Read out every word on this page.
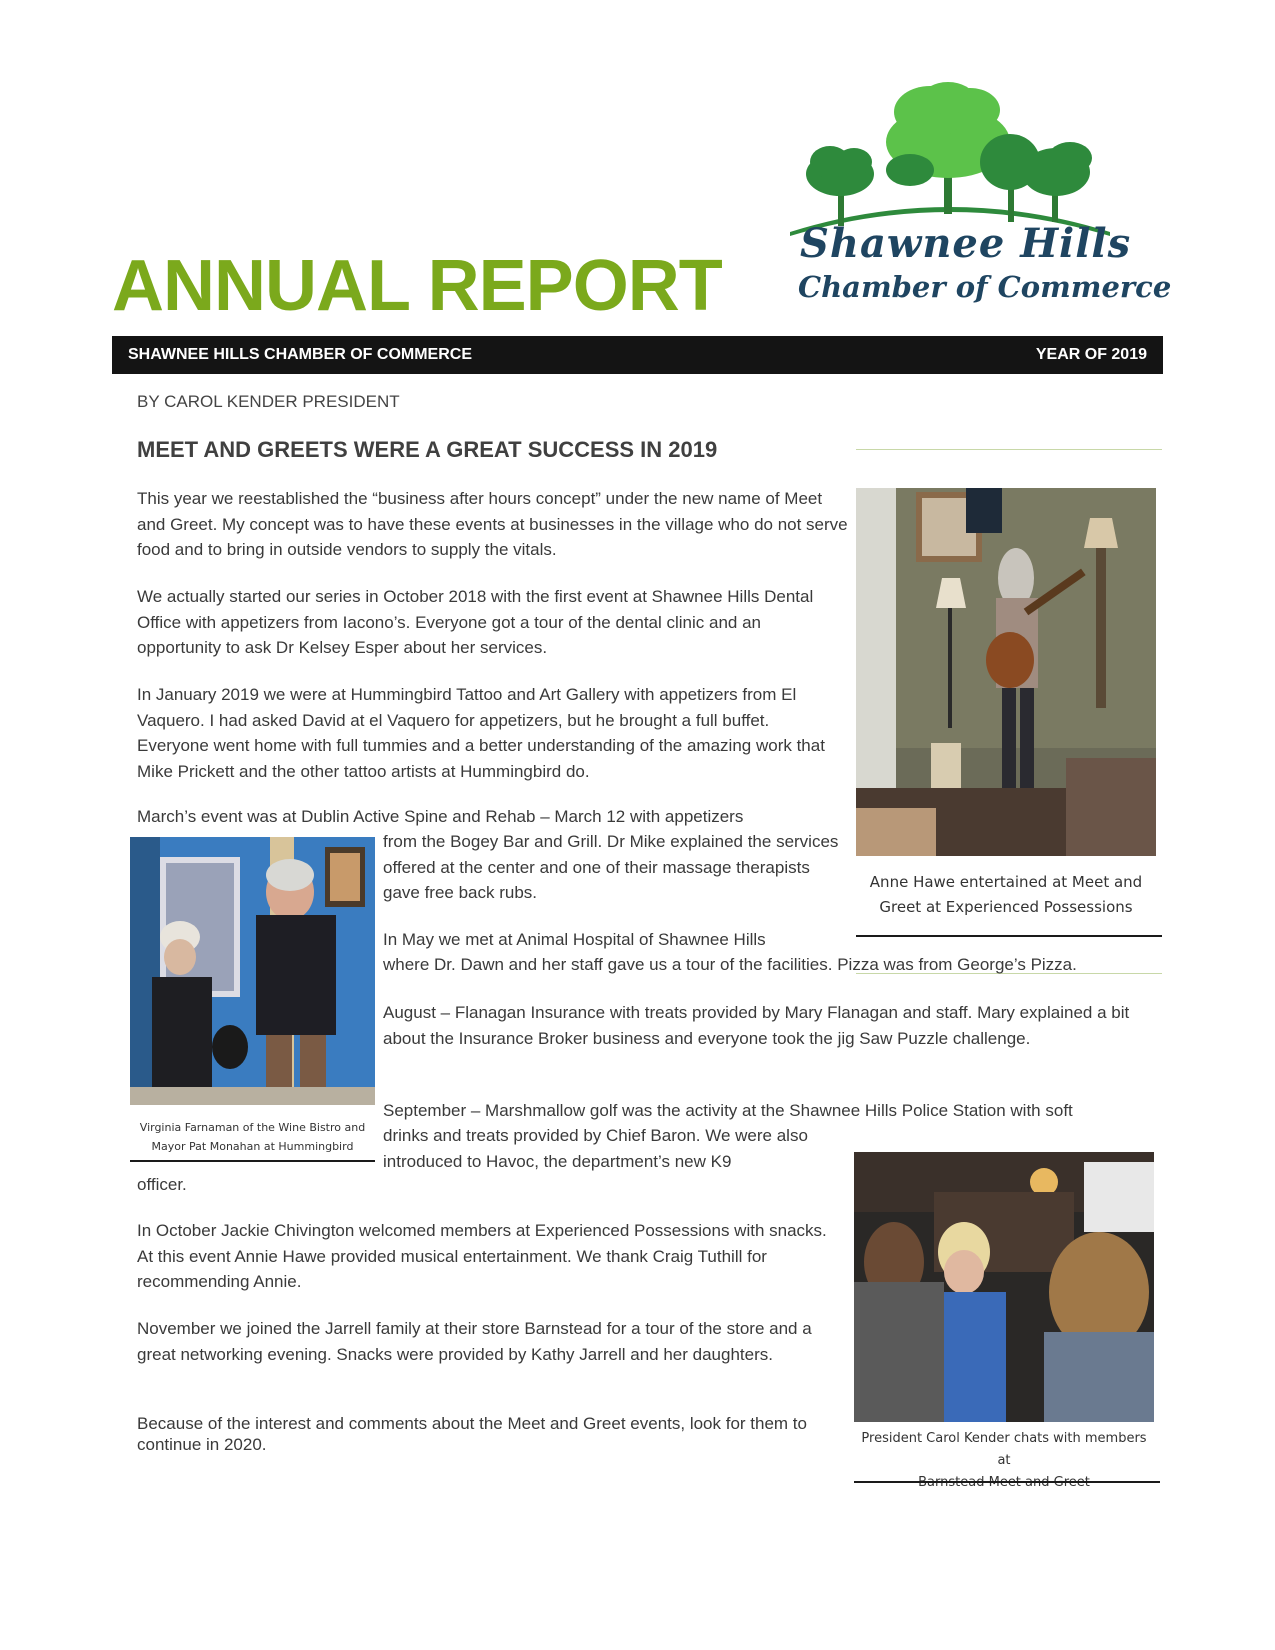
ANNUAL REPORT
Shawnee Hills
Chamber of Commerce
SHAWNEE HILLS CHAMBER OF COMMERCE	YEAR OF 2019
BY CAROL KENDER PRESIDENT
MEET AND GREETS WERE A GREAT SUCCESS IN 2019
This year we reestablished the “business after hours concept” under the new name of Meet and Greet. My concept was to have these events at businesses in the village who do not serve food and to bring in outside vendors to supply the vitals.
We actually started our series in October 2018 with the first event at Shawnee Hills Dental Office with appetizers from Iacono’s. Everyone got a tour of the dental clinic and an opportunity to ask Dr Kelsey Esper about her services.
In January 2019 we were at Hummingbird Tattoo and Art Gallery with appetizers from El Vaquero. I had asked David at el Vaquero for appetizers, but he brought a full buffet. Everyone went home with full tummies and a better understanding of the amazing work that Mike Prickett and the other tattoo artists at Hummingbird do.
March’s event was at Dublin Active Spine and Rehab – March 12 with appetizers
from the Bogey Bar and Grill. Dr Mike explained the services offered at the center and one of their massage therapists gave free back rubs.
In May we met at Animal Hospital of Shawnee Hills
where Dr. Dawn and her staff gave us a tour of the facilities. Pizza was from George’s Pizza.
August – Flanagan Insurance with treats provided by Mary Flanagan and staff. Mary explained a bit about the Insurance Broker business and everyone took the jig Saw Puzzle challenge.
September – Marshmallow golf was the activity at the Shawnee Hills Police Station with soft
drinks and treats provided by Chief Baron. We were also introduced to Havoc, the department’s new K9
officer.
In October Jackie Chivington welcomed members at Experienced Possessions with snacks. At this event Annie Hawe provided musical entertainment. We thank Craig Tuthill for recommending Annie.
November we joined the Jarrell family at their store Barnstead for a tour of the store and a great networking evening. Snacks were provided by Kathy Jarrell and her daughters.
Because of the interest and comments about the Meet and Greet events, look for them to continue in 2020.
Anne Hawe entertained at Meet and
Greet at Experienced Possessions
Virginia Farnaman of the Wine Bistro and
Mayor Pat Monahan at Hummingbird
President Carol Kender chats with members at
